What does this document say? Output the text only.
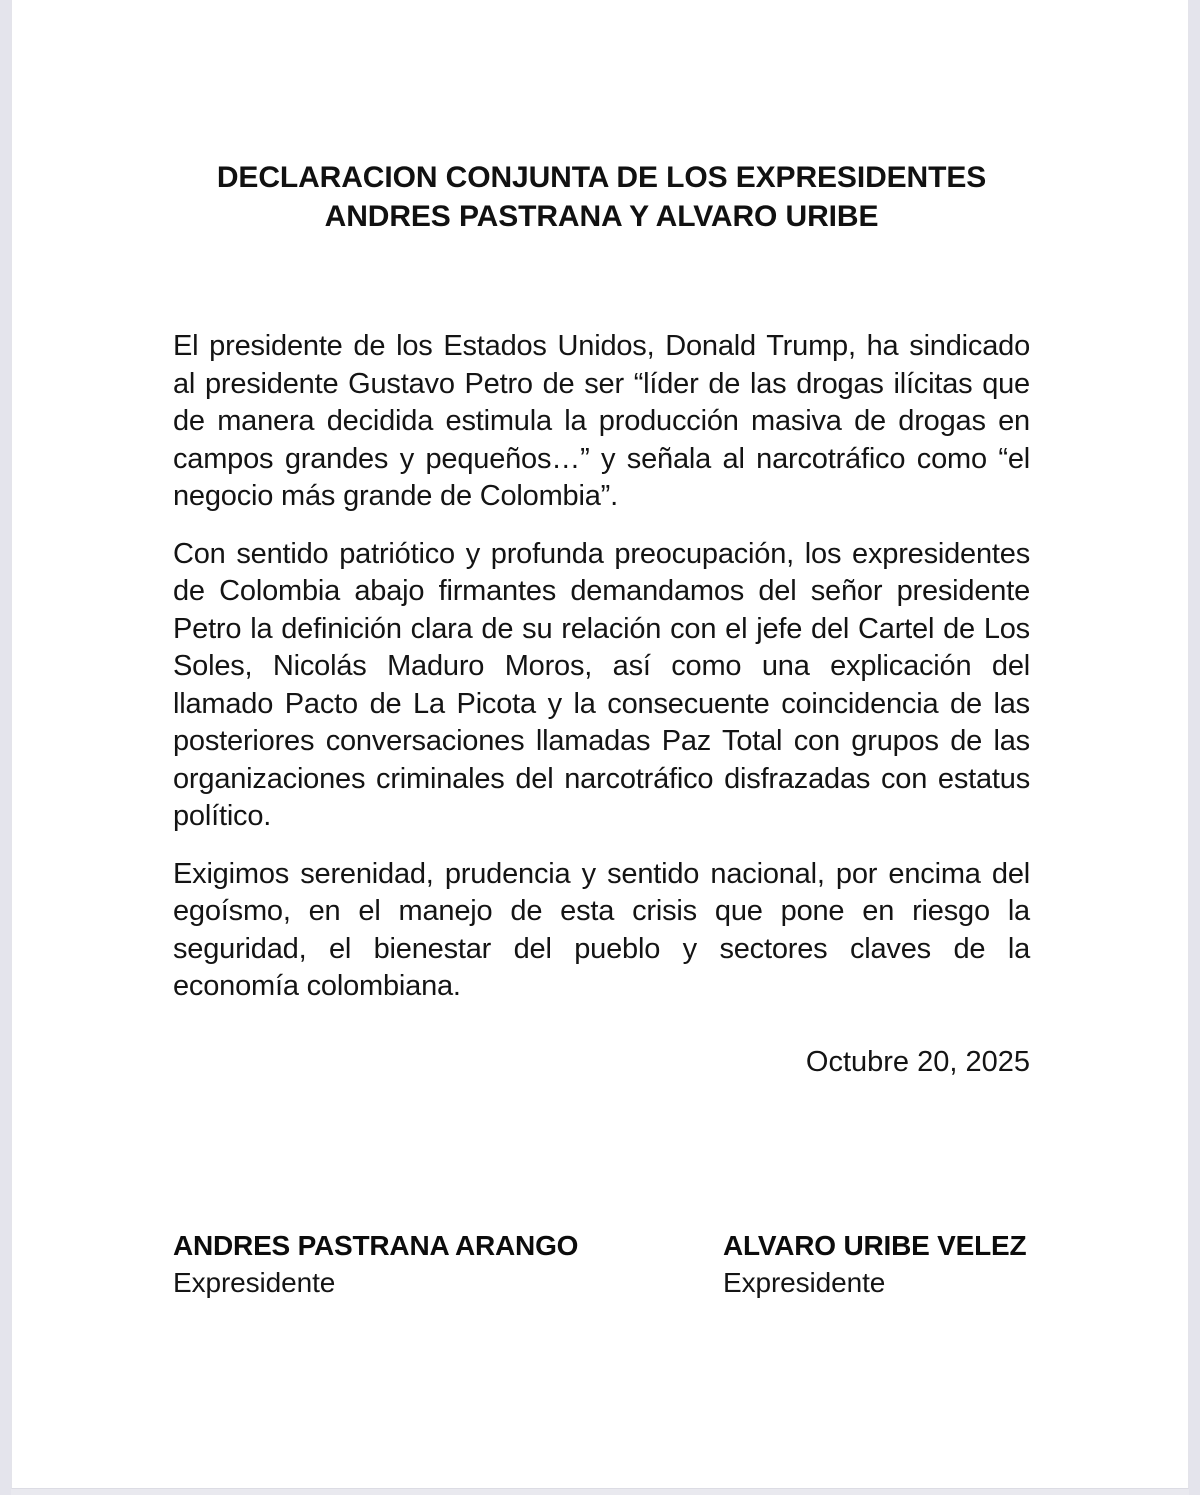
DECLARACION CONJUNTA DE LOS EXPRESIDENTES
ANDRES PASTRANA Y ALVARO URIBE

El presidente de los Estados Unidos, Donald Trump, ha sindicado al presidente Gustavo Petro de ser “líder de las drogas ilícitas que de manera decidida estimula la producción masiva de drogas en campos grandes y pequeños…” y señala al narcotráfico como “el negocio más grande de Colombia”.

Con sentido patriótico y profunda preocupación, los expresidentes de Colombia abajo firmantes demandamos del señor presidente Petro la definición clara de su relación con el jefe del Cartel de Los Soles, Nicolás Maduro Moros, así como una explicación del llamado Pacto de La Picota y la consecuente coincidencia de las posteriores conversaciones llamadas Paz Total con grupos de las organizaciones criminales del narcotráfico disfrazadas con estatus político.

Exigimos serenidad, prudencia y sentido nacional, por encima del egoísmo, en el manejo de esta crisis que pone en riesgo la seguridad, el bienestar del pueblo y sectores claves de la economía colombiana.

Octubre 20, 2025

ANDRES PASTRANA ARANGO
Expresidente
ALVARO URIBE VELEZ
Expresidente
